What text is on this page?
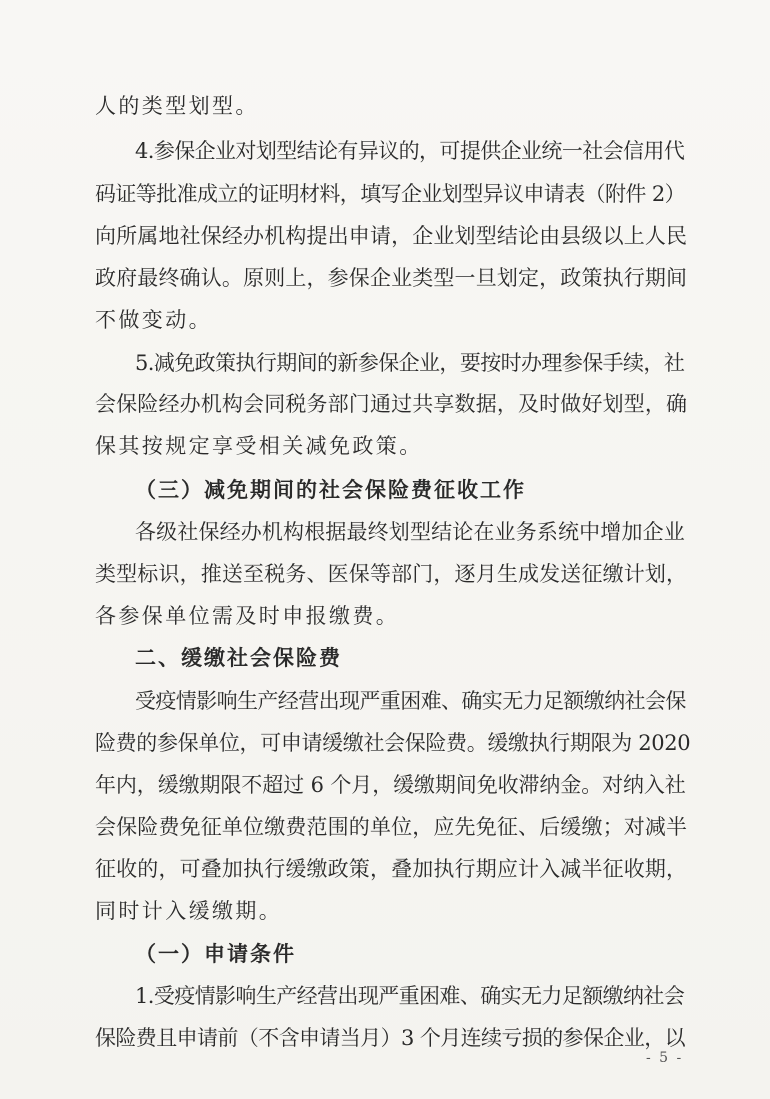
人的类型划型。
4.参保企业对划型结论有异议的，可提供企业统一社会信用代
码证等批准成立的证明材料，填写企业划型异议申请表（附件 2）
向所属地社保经办机构提出申请，企业划型结论由县级以上人民
政府最终确认。原则上，参保企业类型一旦划定，政策执行期间
不做变动。
5.减免政策执行期间的新参保企业，要按时办理参保手续，社
会保险经办机构会同税务部门通过共享数据，及时做好划型，确
保其按规定享受相关减免政策。
（三）减免期间的社会保险费征收工作
各级社保经办机构根据最终划型结论在业务系统中增加企业
类型标识，推送至税务、医保等部门，逐月生成发送征缴计划，
各参保单位需及时申报缴费。
二、缓缴社会保险费
受疫情影响生产经营出现严重困难、确实无力足额缴纳社会保
险费的参保单位，可申请缓缴社会保险费。缓缴执行期限为 2020
年内，缓缴期限不超过 6 个月，缓缴期间免收滞纳金。对纳入社
会保险费免征单位缴费范围的单位，应先免征、后缓缴；对减半
征收的，可叠加执行缓缴政策，叠加执行期应计入减半征收期，
同时计入缓缴期。
（一）申请条件
1.受疫情影响生产经营出现严重困难、确实无力足额缴纳社会
保险费且申请前（不含申请当月）3 个月连续亏损的参保企业，以
- 5 -
